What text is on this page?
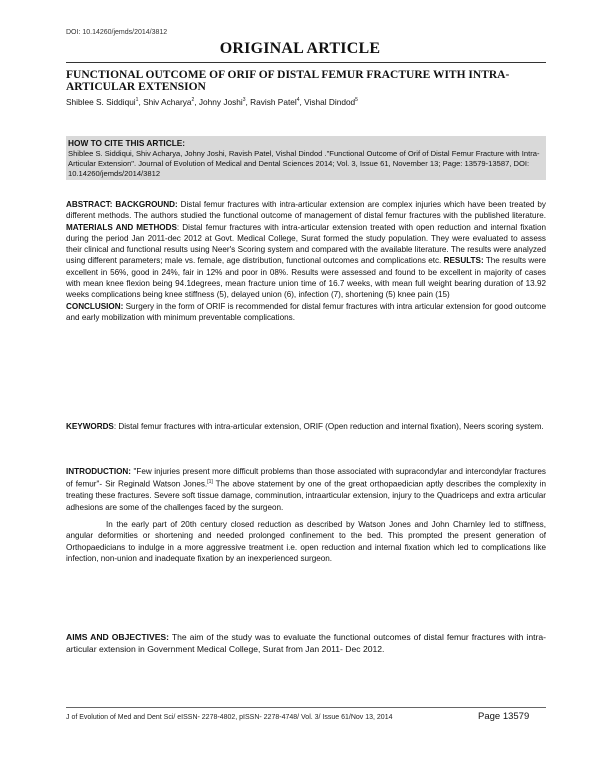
DOI: 10.14260/jemds/2014/3812
ORIGINAL ARTICLE
FUNCTIONAL OUTCOME OF ORIF OF DISTAL FEMUR FRACTURE WITH INTRA-ARTICULAR EXTENSION
Shiblee S. Siddiqui$^1$, Shiv Acharya$^2$, Johny Joshi$^3$, Ravish Patel$^4$, Vishal Dindod$^5$
HOW TO CITE THIS ARTICLE:
Shiblee S. Siddiqui, Shiv Acharya, Johny Joshi, Ravish Patel, Vishal Dindod ."Functional Outcome of Orif of Distal Femur Fracture with Intra-Articular Extension". Journal of Evolution of Medical and Dental Sciences 2014; Vol. 3, Issue 61, November 13; Page: 13579-13587, DOI: 10.14260/jemds/2014/3812
ABSTRACT: BACKGROUND: Distal femur fractures with intra-articular extension are complex injuries which have been treated by different methods. The authors studied the functional outcome of management of distal femur fractures with the published literature. MATERIALS AND METHODS: Distal femur fractures with intra-articular extension treated with open reduction and internal fixation during the period Jan 2011-dec 2012 at Govt. Medical College, Surat formed the study population. They were evaluated to assess their clinical and functional results using Neer's Scoring system and compared with the available literature. The results were analyzed using different parameters; male vs. female, age distribution, functional outcomes and complications etc. RESULTS: The results were excellent in 56%, good in 24%, fair in 12% and poor in 08%. Results were assessed and found to be excellent in majority of cases with mean knee flexion being 94.1degrees, mean fracture union time of 16.7 weeks, with mean full weight bearing duration of 13.92 weeks complications being knee stiffness (5), delayed union (6), infection (7), shortening (5) knee pain (15)
CONCLUSION: Surgery in the form of ORIF is recommended for distal femur fractures with intra articular extension for good outcome and early mobilization with minimum preventable complications.
KEYWORDS: Distal femur fractures with intra-articular extension, ORIF (Open reduction and internal fixation), Neers scoring system.
INTRODUCTION: "Few injuries present more difficult problems than those associated with supracondylar and intercondylar fractures of femur"- Sir Reginald Watson Jones.[1] The above statement by one of the great orthopaedician aptly describes the complexity in treating these fractures. Severe soft tissue damage, comminution, intraarticular extension, injury to the Quadriceps and extra articular adhesions are some of the challenges faced by the surgeon.
In the early part of 20th century closed reduction as described by Watson Jones and John Charnley led to stiffness, angular deformities or shortening and needed prolonged confinement to the bed. This prompted the present generation of Orthopaedicians to indulge in a more aggressive treatment i.e. open reduction and internal fixation which led to complications like infection, non-union and inadequate fixation by an inexperienced surgeon.
AIMS AND OBJECTIVES: The aim of the study was to evaluate the functional outcomes of distal femur fractures with intra-articular extension in Government Medical College, Surat from Jan 2011- Dec 2012.
J of Evolution of Med and Dent Sci/ eISSN- 2278-4802, pISSN- 2278-4748/ Vol. 3/ Issue 61/Nov 13, 2014	Page 13579
